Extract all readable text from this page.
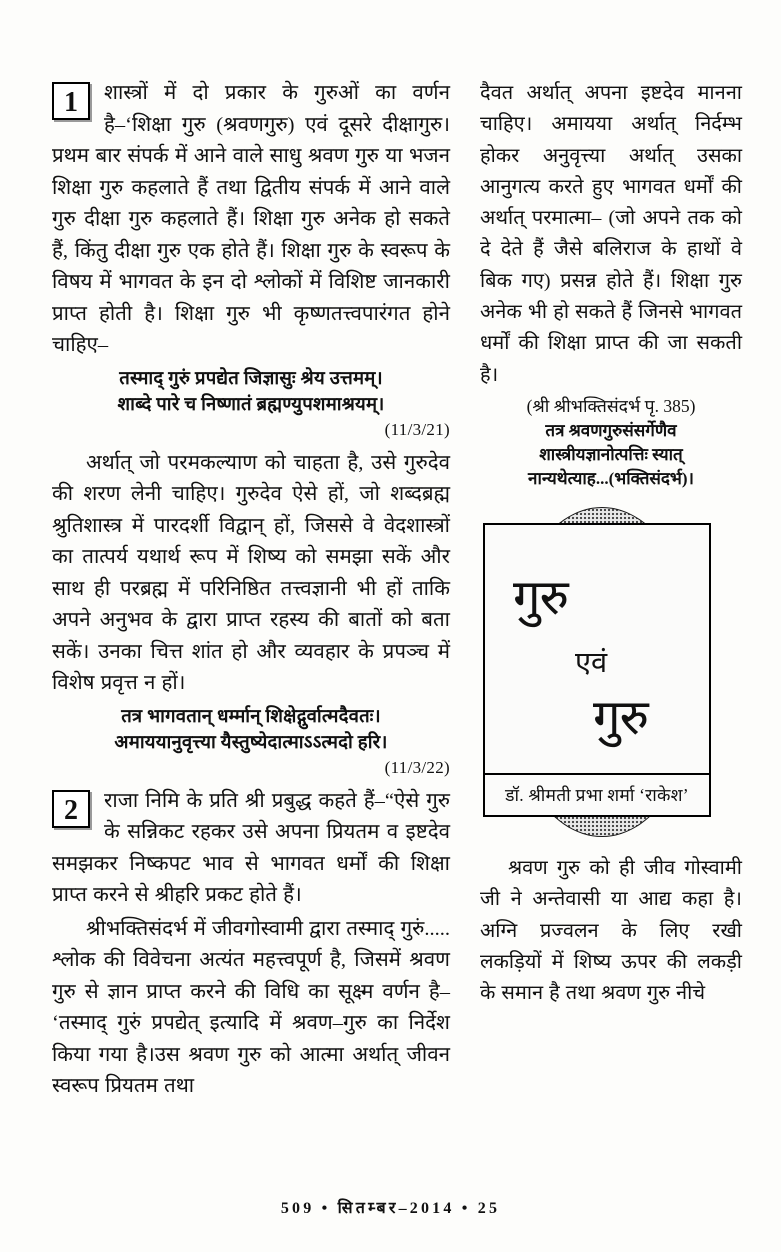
1	शास्त्रों में दो प्रकार के गुरुओं का वर्णन है–‘शिक्षा गुरु (श्रवणगुरु) एवं दूसरे दीक्षागुरु।प्रथम बार संपर्क में आने वाले साधु श्रवण गुरु या भजन शिक्षा गुरु कहलाते हैं तथा द्वितीय संपर्क में आने वाले गुरु दीक्षा गुरु कहलाते हैं। शिक्षा गुरु अनेक हो सकते हैं, किंतु दीक्षा गुरु एक होते हैं। शिक्षा गुरु के स्वरूप के विषय में भागवत के इन दो श्लोकों में विशिष्ट जानकारी प्राप्त होती है। शिक्षा गुरु भी कृष्णतत्त्वपारंगत होने चाहिए–
तस्माद् गुरुं प्रपद्येत जिज्ञासुः श्रेय उत्तमम्।
शाब्दे पारे च निष्णातं ब्रह्मण्युपशमाश्रयम्।
(11/3/21)
अर्थात् जो परमकल्याण को चाहता है, उसे गुरुदेव की शरण लेनी चाहिए। गुरुदेव ऐसे हों, जो शब्दब्रह्म श्रुतिशास्त्र में पारदर्शी विद्वान् हों, जिससे वे वेदशास्त्रों का तात्पर्य यथार्थ रूप में शिष्य को समझा सकें और साथ ही परब्रह्म में परिनिष्ठित तत्त्वज्ञानी भी हों ताकि अपने अनुभव के द्वारा प्राप्त रहस्य की बातों को बता सकें। उनका चित्त शांत हो और व्यवहार के प्रपञ्च में विशेष प्रवृत्त न हों।
तत्र भागवतान् धर्म्मान् शिक्षेद्गुर्वात्मदैवतः।
अमाययानुवृत्त्या यैस्तुष्येदात्माऽऽत्मदो हरि।
(11/3/22)
2	राजा निमि के प्रति श्री प्रबुद्ध कहते हैं–“ऐसे गुरु के सन्निकट रहकर उसे अपना प्रियतम व इष्टदेव समझकर निष्कपट भाव से भागवत धर्मों की शिक्षा प्राप्त करने से श्रीहरि प्रकट होते हैं।
श्रीभक्तिसंदर्भ में जीवगोस्वामी द्वारा तस्माद् गुरुं..... श्लोक की विवेचना अत्यंत महत्त्वपूर्ण है, जिसमें श्रवण गुरु से ज्ञान प्राप्त करने की विधि का सूक्ष्म वर्णन है– ‘तस्माद् गुरुं प्रपद्येत् इत्यादि में श्रवण–गुरु का निर्देश किया गया है।उस श्रवण गुरु को आत्मा अर्थात् जीवन स्वरूप प्रियतम तथा
दैवत अर्थात् अपना इष्टदेव मानना चाहिए। अमायया अर्थात् निर्दम्भ होकर अनुवृत्त्या अर्थात् उसका आनुगत्य करते हुए भागवत धर्मों की अर्थात् परमात्मा– (जो अपने तक को दे देते हैं जैसे बलिराज के हाथों वे बिक गए) प्रसन्न होते हैं। शिक्षा गुरु अनेक भी हो सकते हैं जिनसे भागवत धर्मों की शिक्षा प्राप्त की जा सकती है।
(श्री श्रीभक्तिसंदर्भ पृ. 385)
तत्र श्रवणगुरुसंसर्गेणैव
शास्त्रीयज्ञानोत्पत्तिः स्यात्
नान्यथेत्याह...(भक्तिसंदर्भ)।
गुरु
एवं
गुरु
डॉ. श्रीमती प्रभा शर्मा ‘राकेश’
श्रवण गुरु को ही जीव गोस्वामी जी ने अन्तेवासी या आद्य कहा है।अग्नि प्रज्वलन के लिए रखी लकड़ियों में शिष्य ऊपर की लकड़ी के समान है तथा श्रवण गुरु नीचे
509 • सितम्बर–2014 • 25
